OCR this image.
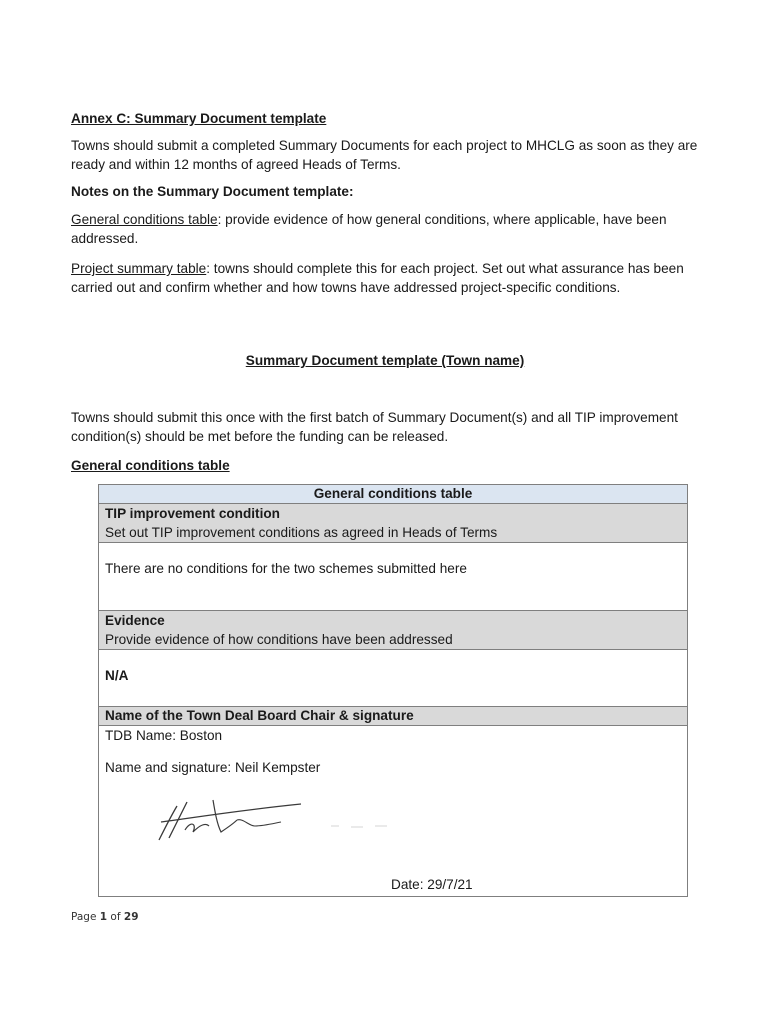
Annex C: Summary Document template
Towns should submit a completed Summary Documents for each project to MHCLG as soon as they are ready and within 12 months of agreed Heads of Terms.
Notes on the Summary Document template:
General conditions table: provide evidence of how general conditions, where applicable, have been addressed.
Project summary table: towns should complete this for each project. Set out what assurance has been carried out and confirm whether and how towns have addressed project-specific conditions.
Summary Document template (Town name)
Towns should submit this once with the first batch of Summary Document(s) and all TIP improvement condition(s) should be met before the funding can be released.
General conditions table
General conditions table

TIP improvement condition
Set out TIP improvement conditions as agreed in Heads of Terms

There are no conditions for the two schemes submitted here

Evidence
Provide evidence of how conditions have been addressed

N/A

Name of the Town Deal Board Chair & signature

TDB Name: Boston
Name and signature: Neil Kempster
Date: 29/7/21
Page 1 of 29
